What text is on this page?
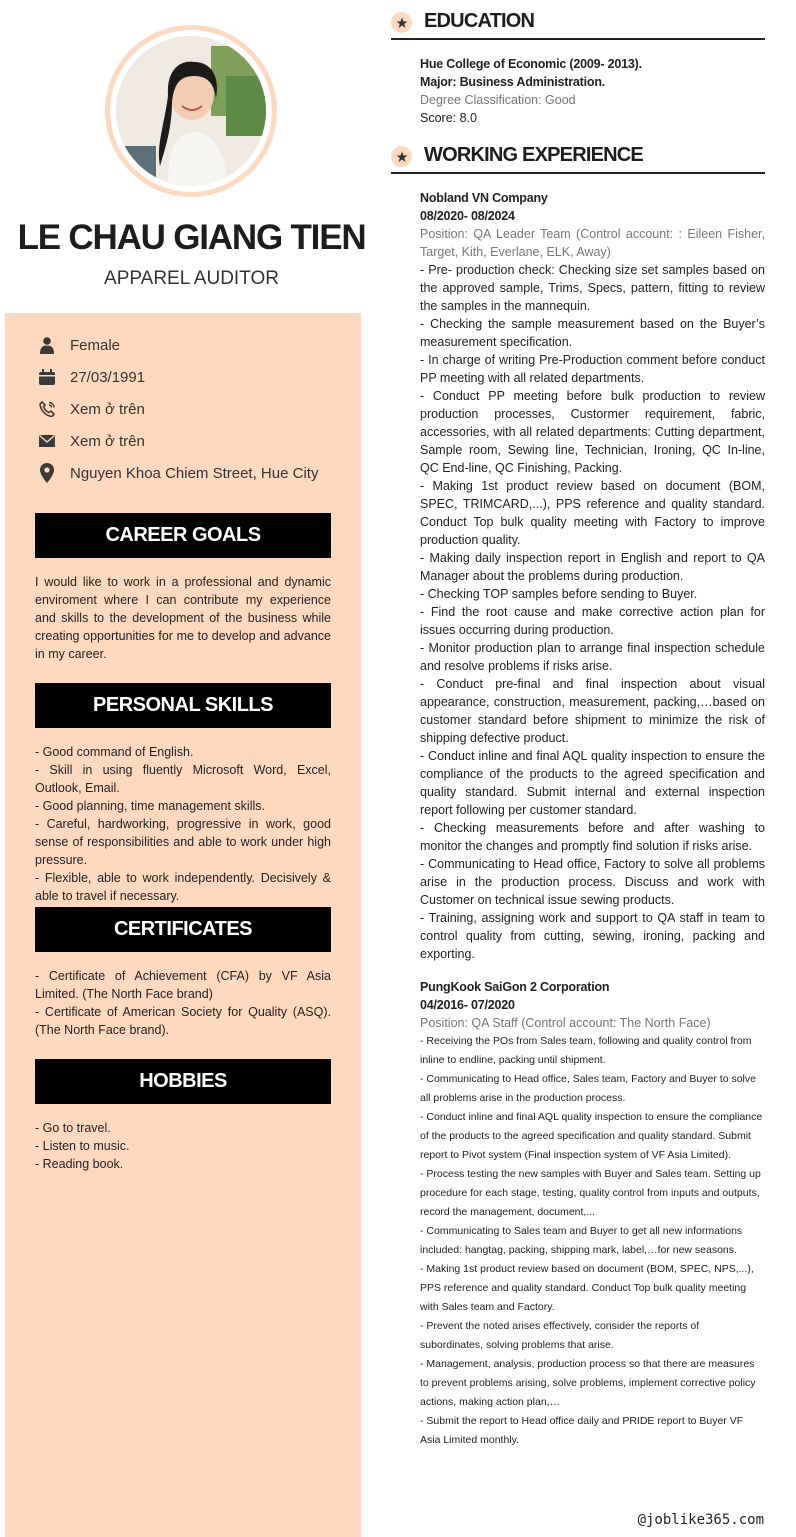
LE CHAU GIANG TIEN
APPAREL AUDITOR
Female
27/03/1991
Xem ở trên
Xem ở trên
Nguyen Khoa Chiem Street, Hue City
CAREER GOALS
I would like to work in a professional and dynamic enviroment where I can contribute my experience and skills to the development of the business while creating opportunities for me to develop and advance in my career.
PERSONAL SKILLS

- Good command of English.

- Skill in using fluently Microsoft Word, Excel, Outlook, Email.

- Good planning, time management skills.

- Careful, hardworking, progressive in work, good sense of responsibilities and able to work under high pressure.

- Flexible, able to work independently. Decisively & able to travel if necessary.

CERTIFICATES

- Certificate of Achievement (CFA) by VF Asia Limited. (The North Face brand)

- Certificate of American Society for Quality (ASQ). (The North Face brand).

HOBBIES

- Go to travel.

- Listen to music.

- Reading book.

EDUCATION

Hue College of Economic (2009- 2013).

Major: Business Administration.

Degree Classification: Good

Score: 8.0

WORKING EXPERIENCE

Nobland VN Company

08/2020- 08/2024

Position: QA Leader Team (Control account: : Eileen Fisher, Target, Kith, Everlane, ELK, Away)

- Pre- production check: Checking size set samples based on the approved sample, Trims, Specs, pattern, fitting to review the samples in the mannequin.

- Checking the sample measurement based on the Buyer’s measurement specification.

- In charge of writing Pre-Production comment before conduct PP meeting with all related departments.

- Conduct PP meeting before bulk production to review production processes, Custormer requirement, fabric, accessories, with all related departments: Cutting department, Sample room, Sewing line, Technician, Ironing, QC In-line, QC End-line, QC Finishing, Packing.

- Making 1st product review based on document (BOM, SPEC, TRIMCARD,...), PPS reference and quality standard. Conduct Top bulk quality meeting with Factory to improve production quality.

- Making daily inspection report in English and report to QA Manager about the problems during production.

- Checking TOP samples before sending to Buyer.

- Find the root cause and make corrective action plan for issues occurring during production.

- Monitor production plan to arrange final inspection schedule and resolve problems if risks arise.

- Conduct pre-final and final inspection about visual appearance, construction, measurement, packing,…based on customer standard before shipment to minimize the risk of shipping defective product.

- Conduct inline and final AQL quality inspection to ensure the compliance of the products to the agreed specification and quality standard. Submit internal and external inspection report following per customer standard.

- Checking measurements before and after washing to monitor the changes and promptly find solution if risks arise.

- Communicating to Head office, Factory to solve all problems arise in the production process. Discuss and work with Customer on technical issue sewing products.

- Training, assigning work and support to QA staff in team to control quality from cutting, sewing, ironing, packing and exporting.

PungKook SaiGon 2 Corporation

04/2016- 07/2020

Position: QA Staff (Control account: The North Face)

- Receiving the POs from Sales team, following and quality control from inline to endline, packing until shipment.

- Communicating to Head office, Sales team, Factory and Buyer to solve all problems arise in the production process.

- Conduct inline and final AQL quality inspection to ensure the compliance of the products to the agreed specification and quality standard. Submit report to Pivot system (Final inspection system of VF Asia Limited).

- Process testing the new samples with Buyer and Sales team. Setting up procedure for each stage, testing, quality control from inputs and outputs, record the management, document,...

- Communicating to Sales team and Buyer to get all new informations included: hangtag, packing, shipping mark, label,…for new seasons.

- Making 1st product review based on document (BOM, SPEC, NPS,...), PPS reference and quality standard. Conduct Top bulk quality meeting with Sales team and Factory.

- Prevent the noted arises effectively, consider the reports of subordinates, solving problems that arise.

- Management, analysis, production process so that there are measures to prevent problems arising, solve problems, implement corrective policy actions, making action plan,…

- Submit the report to Head office daily and PRIDE report to Buyer VF Asia Limited monthly.

@joblike365.com
